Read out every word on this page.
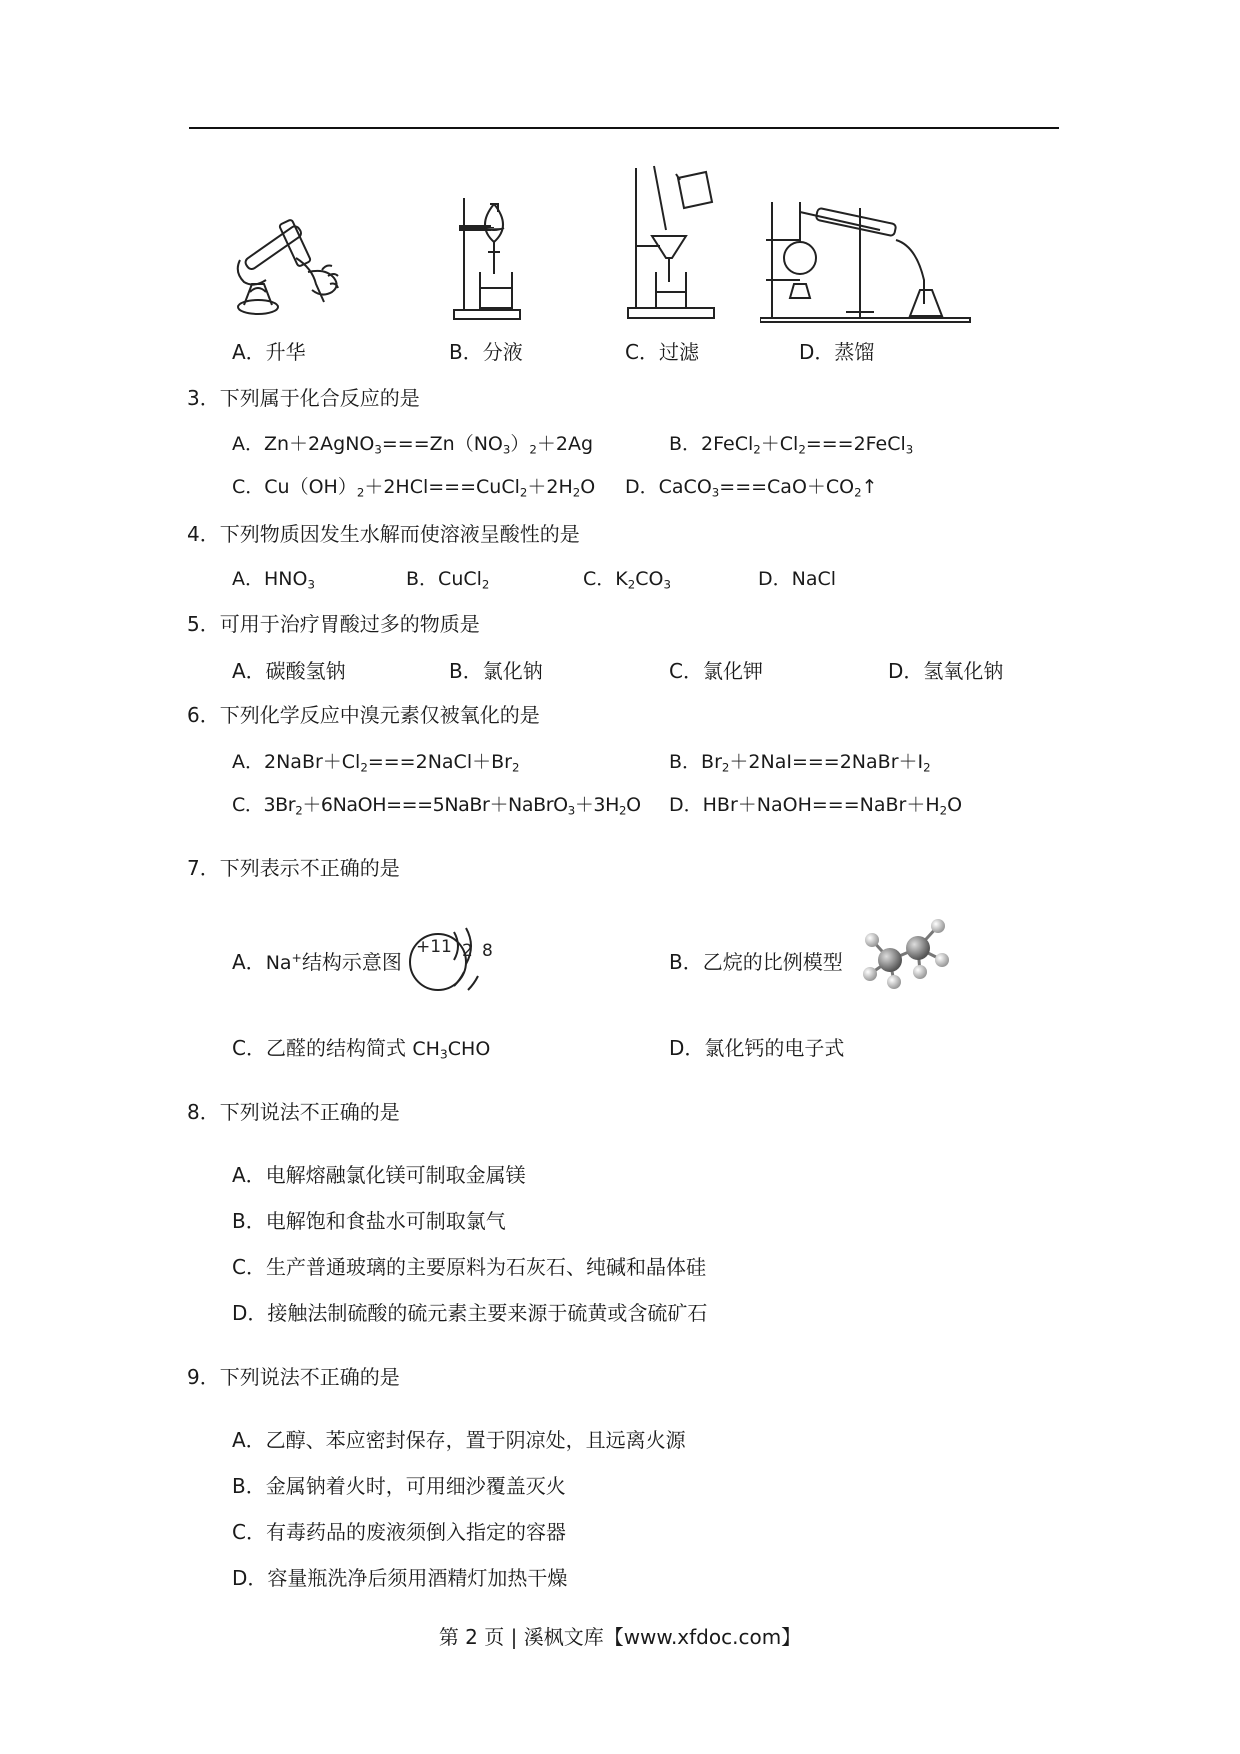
A．升华	B．分液	C．过滤	D．蒸馏
3．下列属于化合反应的是
A．$Zn+2AgNO_3===Zn(NO_3)_2+2Ag$	B．$2FeCl_2+Cl_2===2FeCl_3$
C．$Cu(OH)_2+2HCl===CuCl_2+2H_2O$ D．$CaCO_3===CaO+CO_2↑$
4．下列物质因发生水解而使溶液呈酸性的是
A．$HNO_3$	B．CuCl$_2$	C．$K_2CO_3$	D．NaCl
5．可用于治疗胃酸过多的物质是
A．碳酸氢钠	B．氯化钠	C．氯化钾	D．氢氧化钠
6．下列化学反应中溴元素仅被氧化的是
A．$2NaBr+Cl_2===2NaCl+Br_2$	B．$Br_2+2NaI===2NaBr+I_2$
C．$3Br_2+6NaOH===5NaBr+NaBrO_3+3H_2O$ D．$HBr+NaOH===NaBr+H_2O$
7．下列表示不正确的是
A．Na+结构示意图
+11 2 8	B．乙烷的比例模型
C．乙醛的结构简式 $CH_3CHO$	D．氯化钙的电子式
8．下列说法不正确的是
A．电解熔融氯化镁可制取金属镁
B．电解饱和食盐水可制取氯气
C．生产普通玻璃的主要原料为石灰石、纯碱和晶体硅
D．接触法制硫酸的硫元素主要来源于硫黄或含硫矿石
9．下列说法不正确的是
A．乙醇、苯应密封保存，置于阴凉处，且远离火源
B．金属钠着火时，可用细沙覆盖灭火
C．有毒药品的废液须倒入指定的容器
D．容量瓶洗净后须用酒精灯加热干燥
第 2 页 | 溪枫文库【www.xfdoc.com】
